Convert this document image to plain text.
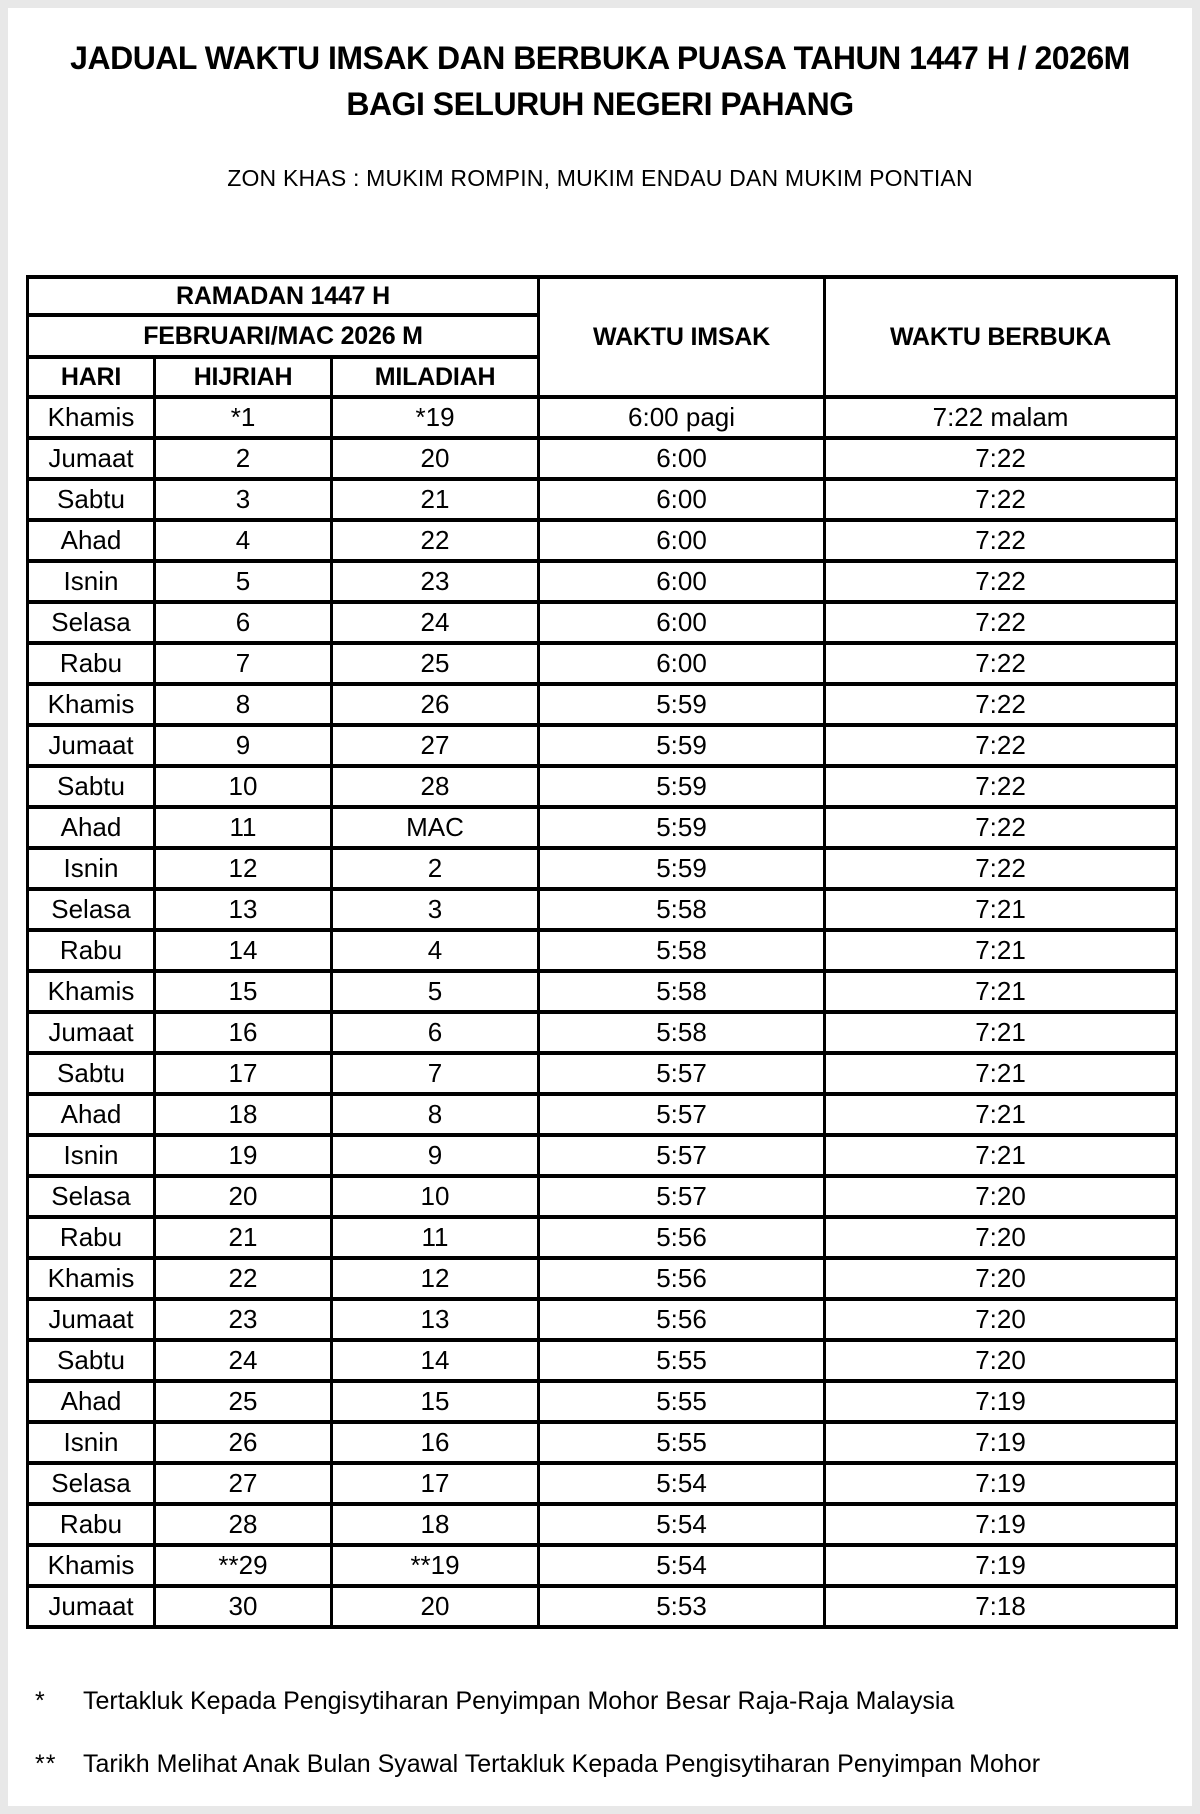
JADUAL WAKTU IMSAK DAN BERBUKA PUASA TAHUN 1447 H / 2026M
BAGI SELURUH NEGERI PAHANG
ZON KHAS : MUKIM ROMPIN, MUKIM ENDAU DAN MUKIM PONTIAN
RAMADAN 1447 H			WAKTU IMSAK	WAKTU BERBUKA
FEBRUARI/MAC 2026 M				
HARI	HIJRIAH	MILADIAH		
Khamis	*1	*19	6:00 pagi	7:22 malam
Jumaat	2	20	6:00	7:22
Sabtu	3	21	6:00	7:22
Ahad	4	22	6:00	7:22
Isnin	5	23	6:00	7:22
Selasa	6	24	6:00	7:22
Rabu	7	25	6:00	7:22
Khamis	8	26	5:59	7:22
Jumaat	9	27	5:59	7:22
Sabtu	10	28	5:59	7:22
Ahad	11	MAC	5:59	7:22
Isnin	12	2	5:59	7:22
Selasa	13	3	5:58	7:21
Rabu	14	4	5:58	7:21
Khamis	15	5	5:58	7:21
Jumaat	16	6	5:58	7:21
Sabtu	17	7	5:57	7:21
Ahad	18	8	5:57	7:21
Isnin	19	9	5:57	7:21
Selasa	20	10	5:57	7:20
Rabu	21	11	5:56	7:20
Khamis	22	12	5:56	7:20
Jumaat	23	13	5:56	7:20
Sabtu	24	14	5:55	7:20
Ahad	25	15	5:55	7:19
Isnin	26	16	5:55	7:19
Selasa	27	17	5:54	7:19
Rabu	28	18	5:54	7:19
Khamis	**29	**19	5:54	7:19
Jumaat	30	20	5:53	7:18
*	Tertakluk Kepada Pengisytiharan Penyimpan Mohor Besar Raja-Raja Malaysia
**	Tarikh Melihat Anak Bulan Syawal Tertakluk Kepada Pengisytiharan Penyimpan Mohor
